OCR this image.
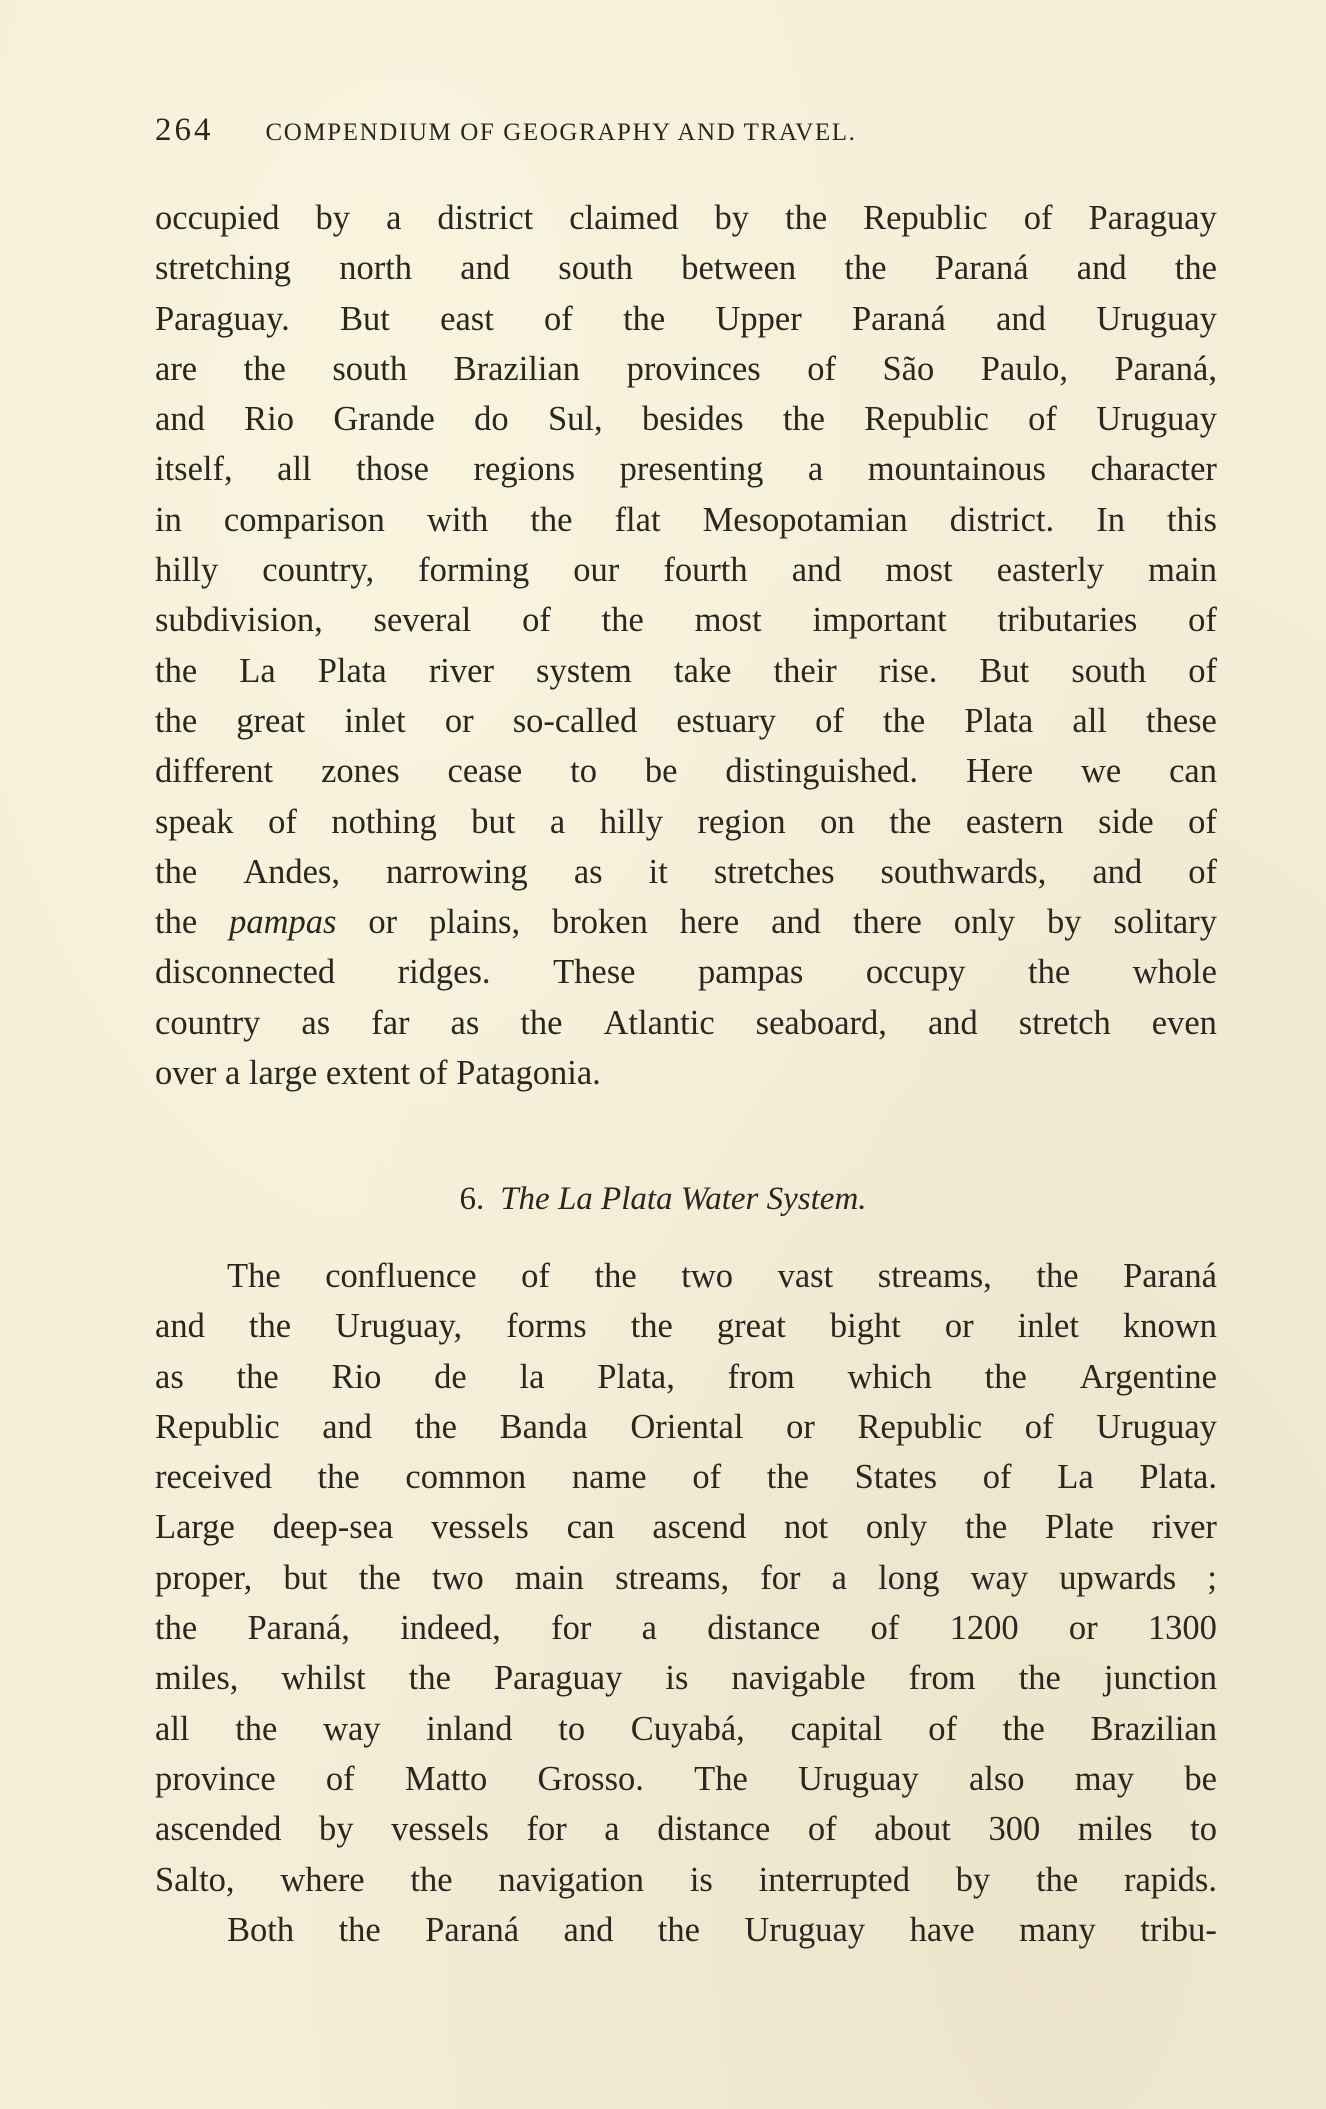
264 COMPENDIUM OF GEOGRAPHY AND TRAVEL.
occupied by a district claimed by the Republic of Paraguay
stretching north and south between the Paraná and the
Paraguay. But east of the Upper Paraná and Uruguay
are the south Brazilian provinces of São Paulo, Paraná,
and Rio Grande do Sul, besides the Republic of Uruguay
itself, all those regions presenting a mountainous character
in comparison with the flat Mesopotamian district. In this
hilly country, forming our fourth and most easterly main
subdivision, several of the most important tributaries of
the La Plata river system take their rise. But south of
the great inlet or so-called estuary of the Plata all these
different zones cease to be distinguished. Here we can
speak of nothing but a hilly region on the eastern side of
the Andes, narrowing as it stretches southwards, and of
the pampas or plains, broken here and there only by solitary
disconnected ridges. These pampas occupy the whole
country as far as the Atlantic seaboard, and stretch even
over
a
large
extent
of
Patagonia.

6. The La Plata Water System.
The confluence of the two vast streams, the Paraná
and the Uruguay, forms the great bight or inlet known
as the Rio de la Plata, from which the Argentine
Republic and the Banda Oriental or Republic of Uruguay
received the common name of the States of La Plata.
Large deep-sea vessels can ascend not only the Plate river
proper, but the two main streams, for a long way upwards ;
the Paraná, indeed, for a distance of 1200 or 1300
miles, whilst the Paraguay is navigable from the junction
all the way inland to Cuyabá, capital of the Brazilian
province of Matto Grosso. The Uruguay also may be
ascended by vessels for a distance of about 300 miles to
Salto, where the navigation is interrupted by the rapids.
Both the Paraná and the Uruguay have many tribu-
